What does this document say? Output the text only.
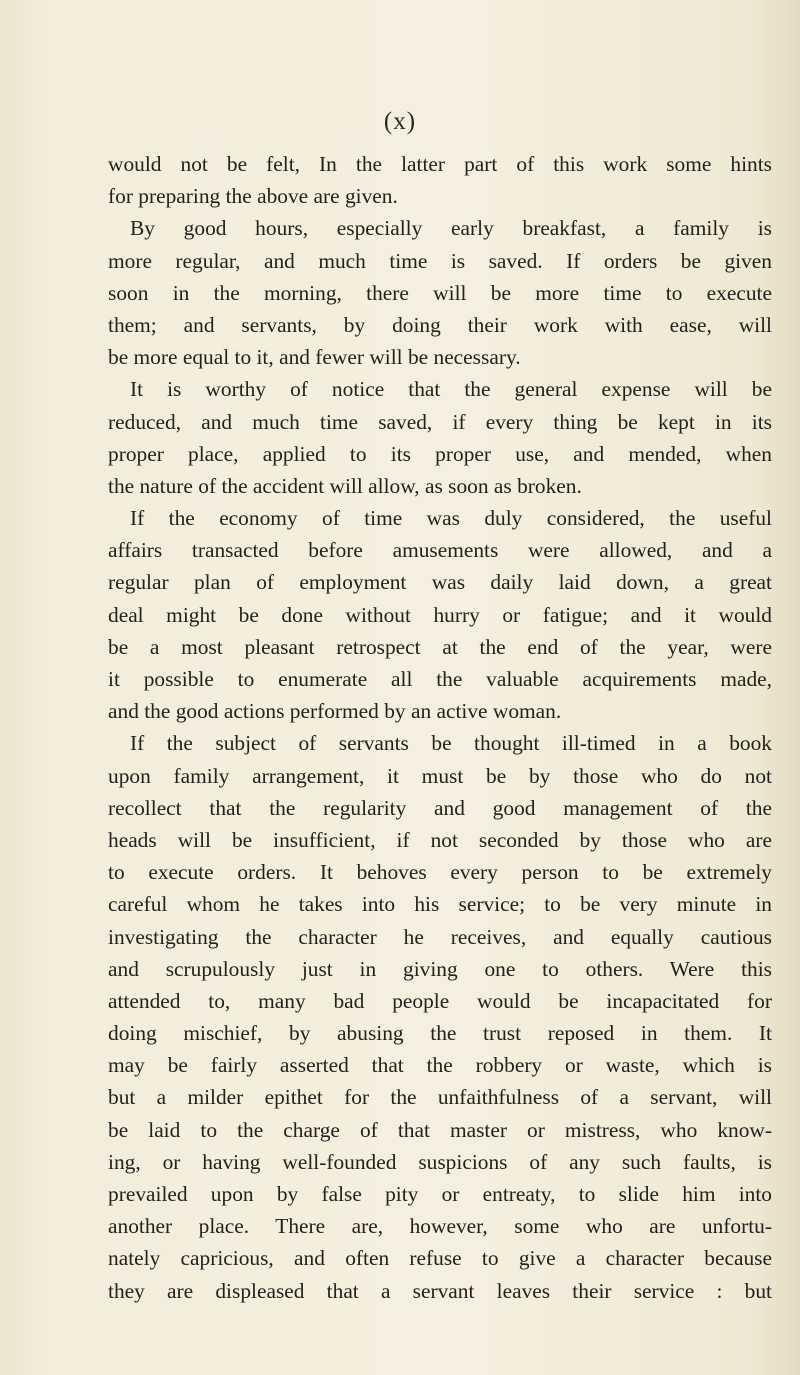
(x)
would not be felt, In the latter part of this work some hints
for preparing the above are given.
By good hours, especially early breakfast, a family is
more regular, and much time is saved. If orders be given
soon in the morning, there will be more time to execute
them; and servants, by doing their work with ease, will
be more equal to it, and fewer will be necessary.
It is worthy of notice that the general expense will be
reduced, and much time saved, if every thing be kept in its
proper place, applied to its proper use, and mended, when
the nature of the accident will allow, as soon as broken.
If the economy of time was duly considered, the useful
affairs transacted before amusements were allowed, and a
regular plan of employment was daily laid down, a great
deal might be done without hurry or fatigue; and it would
be a most pleasant retrospect at the end of the year, were
it possible to enumerate all the valuable acquirements made,
and the good actions performed by an active woman.
If the subject of servants be thought ill-timed in a book
upon family arrangement, it must be by those who do not
recollect that the regularity and good management of the
heads will be insufficient, if not seconded by those who are
to execute orders. It behoves every person to be extremely
careful whom he takes into his service; to be very minute in
investigating the character he receives, and equally cautious
and scrupulously just in giving one to others. Were this
attended to, many bad people would be incapacitated for
doing mischief, by abusing the trust reposed in them. It
may be fairly asserted that the robbery or waste, which is
but a milder epithet for the unfaithfulness of a servant, will
be laid to the charge of that master or mistress, who know-
ing, or having well-founded suspicions of any such faults, is
prevailed upon by false pity or entreaty, to slide him into
another place. There are, however, some who are unfortu-
nately capricious, and often refuse to give a character because
they are displeased that a servant leaves their service : but
